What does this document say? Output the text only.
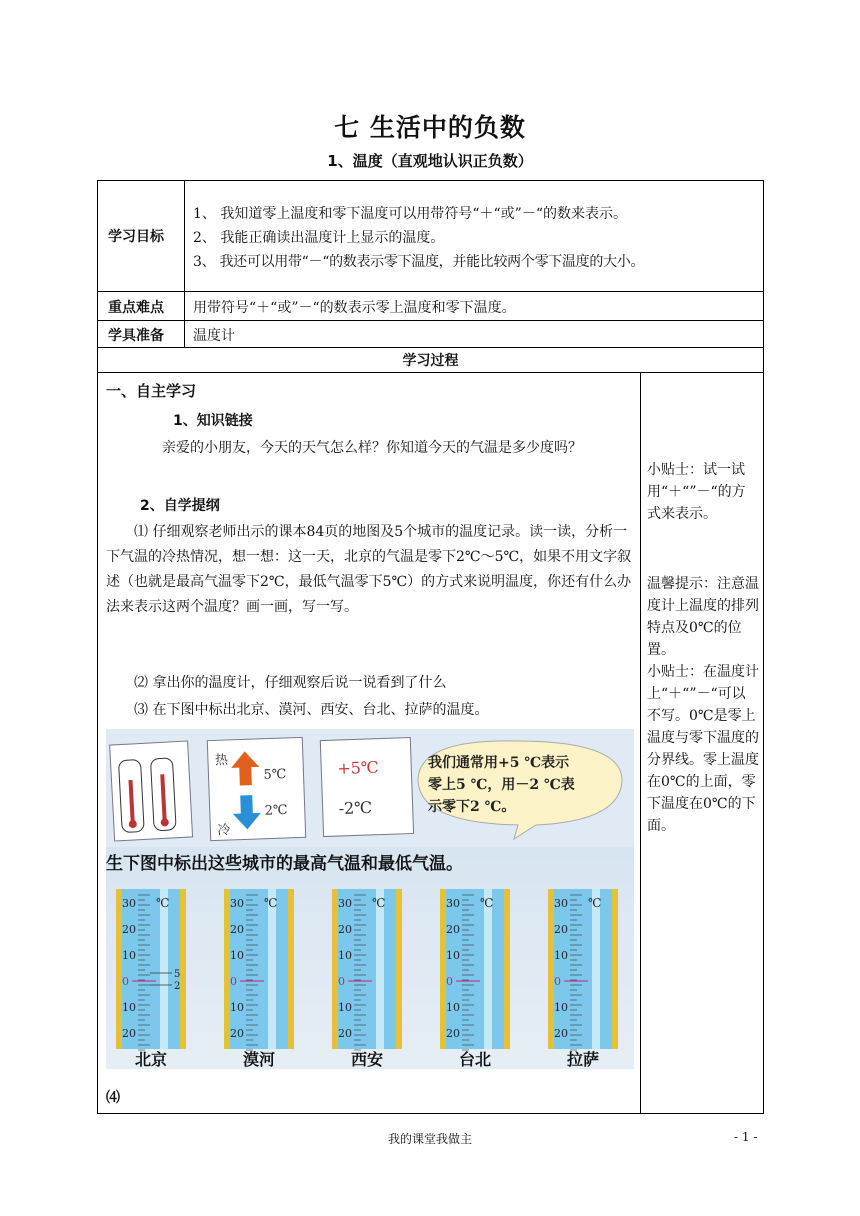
七 生活中的负数
1、温度（直观地认识正负数）
学习目标
1、 我知道零上温度和零下温度可以用带符号“＋“或”－“的数来表示。
2、 我能正确读出温度计上显示的温度。
3、 我还可以用带“－“的数表示零下温度，并能比较两个零下温度的大小。
重点难点 用带符号“＋“或”－“的数表示零上温度和零下温度。
学具准备 温度计
学习过程
一、自主学习
1、知识链接
亲爱的小朋友，今天的天气怎么样？你知道今天的气温是多少度吗？
2、自学提纲
⑴ 仔细观察老师出示的课本84页的地图及5个城市的温度记录。读一读，分析一下气温的冷热情况，想一想：这一天，北京的气温是零下2℃～5℃，如果不用文字叙述（也就是最高气温零下2℃，最低气温零下5℃）的方式来说明温度，你还有什么办法来表示这两个温度？画一画，写一写。
⑵ 拿出你的温度计，仔细观察后说一说看到了什么
⑶ 在下图中标出北京、漠河、西安、台北、拉萨的温度。
热
冷
5℃
2℃
+5℃
-2℃
我们通常用+5 ℃表示
零上5 ℃，用－2 ℃表
示零下2 ℃。
生下图中标出这些城市的最高气温和最低气温。
30
20
10
0
10
20
℃
5
2
北京
30
20
10
0
10
20
℃
漠河
30
20
10
0
10
20
℃
西安
30
20
10
0
10
20
℃
台北
30
20
10
0
10
20
℃
拉萨
⑷
小贴士：试一试用“＋“”－“的方式来表示。
温馨提示：注意温度计上温度的排列特点及0℃的位置。
小贴士：在温度计上“＋“”－“可以不写。0℃是零上温度与零下温度的分界线。零上温度在0℃的上面，零下温度在0℃的下面。
我的课堂我做主	- 1 -
